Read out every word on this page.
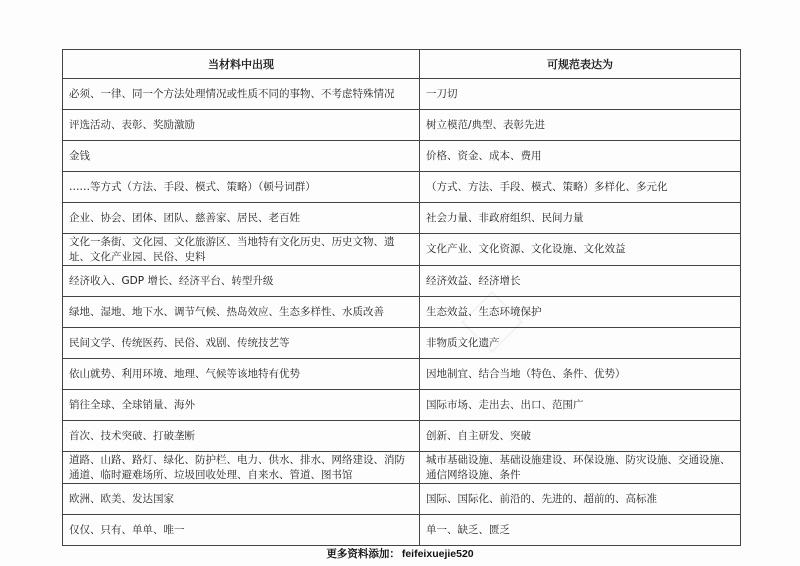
当材料中出现	可规范表达为
必须、一律、同一个方法处理情况或性质不同的事物、不考虑特殊情况	一刀切
评选活动、表彰、奖励激励	树立模范/典型、表彰先进
金钱	价格、资金、成本、费用
……等方式（方法、手段、模式、策略）（顿号词群）	（方式、方法、手段、模式、策略）多样化、多元化
企业、协会、团体、团队、慈善家、居民、老百姓	社会力量、非政府组织、民间力量
文化一条街、文化园、文化旅游区、当地特有文化历史、历史文物、遗址、文化产业园、民俗、史料	文化产业、文化资源、文化设施、文化效益
经济收入、GDP 增长、经济平台、转型升级	经济效益、经济增长
绿地、湿地、地下水、调节气候、热岛效应、生态多样性、水质改善	生态效益、生态环境保护
民间文学、传统医药、民俗、戏剧、传统技艺等	非物质文化遗产
依山就势、利用环境、地理、气候等该地特有优势	因地制宜、结合当地（特色、条件、优势）
销往全球、全球销量、海外	国际市场、走出去、出口、范围广
首次、技术突破、打破垄断	创新、自主研发、突破
道路、山路、路灯、绿化、防护栏、电力、供水、排水、网络建设、消防通道、临时避难场所、垃圾回收处理、自来水、管道、图书馆	城市基础设施、基础设施建设、环保设施、防灾设施、交通设施、通信网络设施、条件
欧洲、欧美、发达国家	国际、国际化、前沿的、先进的、超前的、高标准
仅仅、只有、单单、唯一	单一、缺乏、匮乏
更多资料添加： feifeixuejie520
